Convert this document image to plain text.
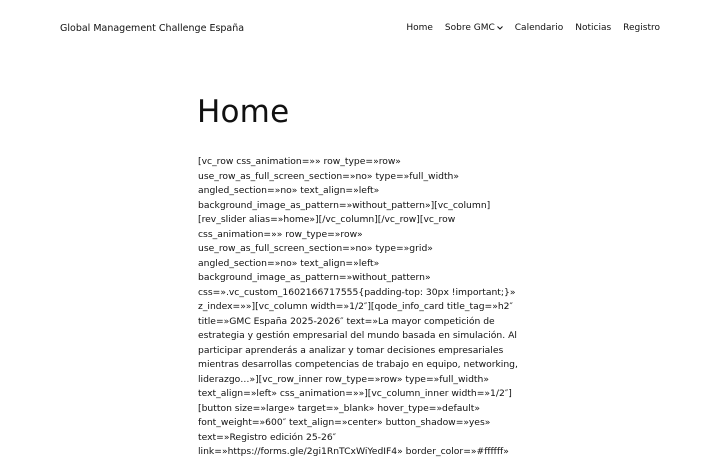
Global Management Challenge España	Home Sobre GMC Calendario Noticias Registro
Home

[vc_row css_animation=»» row_type=»row»

use_row_as_full_screen_section=»no» type=»full_width»

angled_section=»no» text_align=»left»

background_image_as_pattern=»without_pattern»][vc_column]

[rev_slider alias=»home»][/vc_column][/vc_row][vc_row

css_animation=»» row_type=»row»

use_row_as_full_screen_section=»no» type=»grid»

angled_section=»no» text_align=»left»

background_image_as_pattern=»without_pattern»

css=».vc_custom_1602166717555{padding-top: 30px !important;}»

z_index=»»][vc_column width=»1/2″][qode_info_card title_tag=»h2″

title=»GMC España 2025-2026″ text=»La mayor competición de

estrategia y gestión empresarial del mundo basada en simulación. Al

participar aprenderás a analizar y tomar decisiones empresariales

mientras desarrollas competencias de trabajo en equipo, networking,

liderazgo…»][vc_row_inner row_type=»row» type=»full_width»

text_align=»left» css_animation=»»][vc_column_inner width=»1/2″]

[button size=»large» target=»_blank» hover_type=»default»

font_weight=»600″ text_align=»center» button_shadow=»yes»

text=»Registro edición 25-26″

link=»https://forms.gle/2gi1RnTCxWiYedIF4» border_color=»#ffffff»
